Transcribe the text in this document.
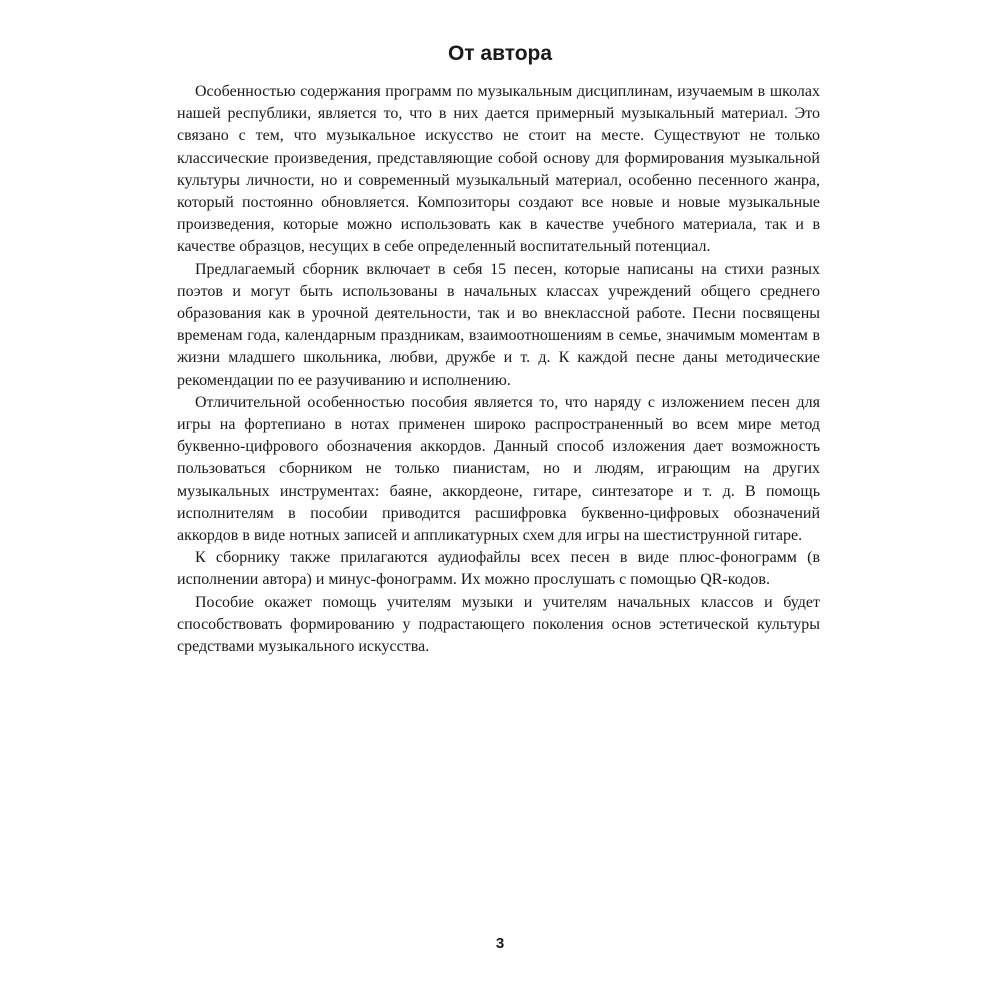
От автора

Особенностью содержания программ по музыкальным дисциплинам, изучаемым в школах нашей республики, является то, что в них дается примерный музыкальный материал. Это связано с тем, что музыкальное искусство не стоит на месте. Существуют не только классические произведения, представляющие собой основу для формирования музыкальной культуры личности, но и современный музыкальный материал, особенно песенного жанра, который постоянно обновляется. Композиторы создают все новые и новые музыкальные произведения, которые можно использовать как в качестве учебного материала, так и в качестве образцов, несущих в себе определенный воспитательный потенциал.

Предлагаемый сборник включает в себя 15 песен, которые написаны на стихи разных поэтов и могут быть использованы в начальных классах учреждений общего среднего образования как в урочной деятельности, так и во внеклассной работе. Песни посвящены временам года, календарным праздникам, взаимоотношениям в семье, значимым моментам в жизни младшего школьника, любви, дружбе и т. д. К каждой песне даны методические рекомендации по ее разучиванию и исполнению.

Отличительной особенностью пособия является то, что наряду с изложением песен для игры на фортепиано в нотах применен широко распространенный во всем мире метод буквенно-цифрового обозначения аккордов. Данный способ изложения дает возможность пользоваться сборником не только пианистам, но и людям, играющим на других музыкальных инструментах: баяне, аккордеоне, гитаре, синтезаторе и т. д. В помощь исполнителям в пособии приводится расшифровка буквенно-цифровых обозначений аккордов в виде нотных записей и аппликатурных схем для игры на шестиструнной гитаре.

К сборнику также прилагаются аудиофайлы всех песен в виде плюс-фонограмм (в исполнении автора) и минус-фонограмм. Их можно прослушать с помощью QR-кодов.

Пособие окажет помощь учителям музыки и учителям начальных классов и будет способствовать формированию у подрастающего поколения основ эстетической культуры средствами музыкального искусства.

3
